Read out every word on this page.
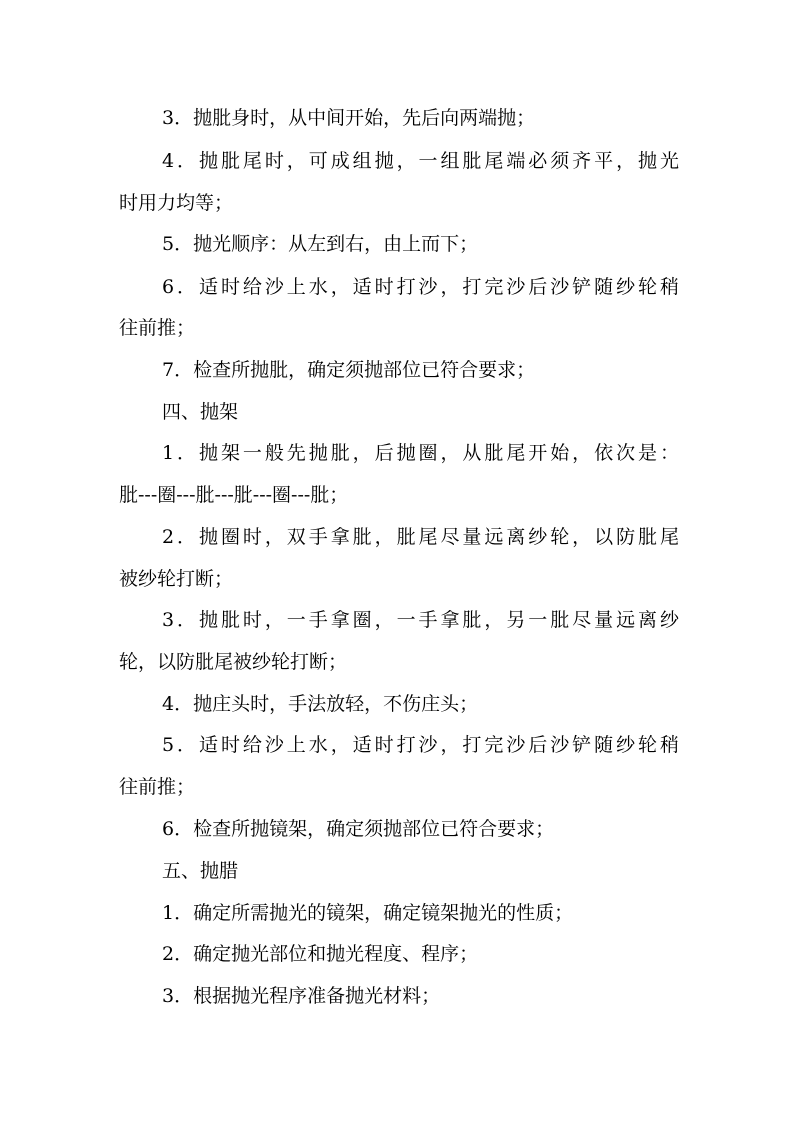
3．抛肶身时，从中间开始，先后向两端抛；
4．抛肶尾时，可成组抛，一组肶尾端必须齐平，抛光
时用力均等；
5．抛光顺序：从左到右，由上而下；
6．适时给沙上水，适时打沙，打完沙后沙铲随纱轮稍
往前推；
7．检查所抛肶，确定须抛部位已符合要求；
四、抛架
1．抛架一般先抛肶，后抛圈，从肶尾开始，依次是：
肶---圈---肶---肶---圈---肶；
2．抛圈时，双手拿肶，肶尾尽量远离纱轮，以防肶尾
被纱轮打断；
3．抛肶时，一手拿圈，一手拿肶，另一肶尽量远离纱
轮，以防肶尾被纱轮打断；
4．抛庄头时，手法放轻，不伤庄头；
5．适时给沙上水，适时打沙，打完沙后沙铲随纱轮稍
往前推；
6．检查所抛镜架，确定须抛部位已符合要求；
五、抛腊
1．确定所需抛光的镜架，确定镜架抛光的性质；
2．确定抛光部位和抛光程度、程序；
3．根据抛光程序准备抛光材料；
